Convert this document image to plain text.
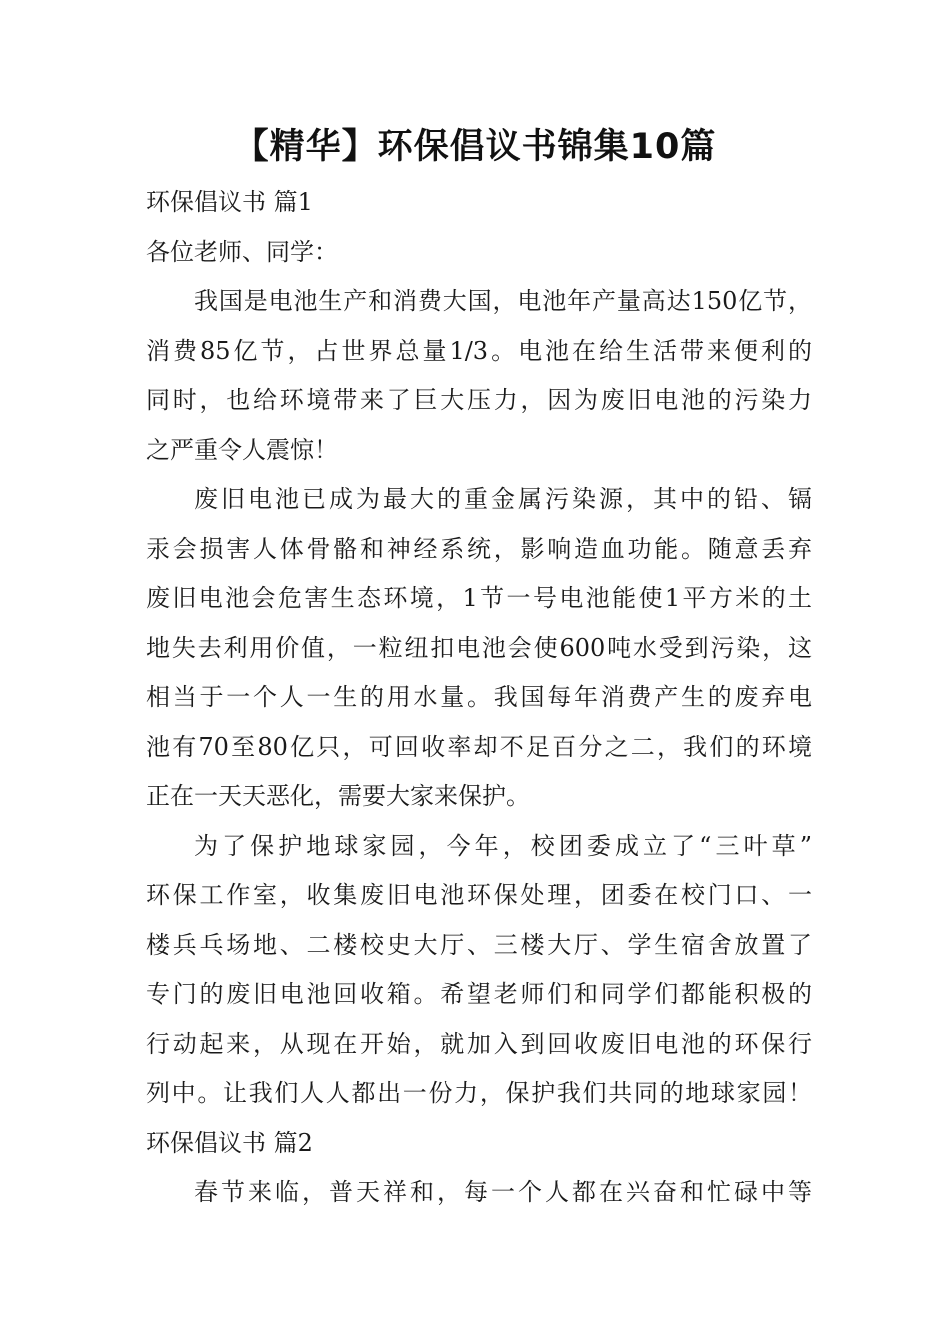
【精华】环保倡议书锦集10篇
环保倡议书 篇1
各位老师、同学：
我国是电池生产和消费大国，电池年产量高达150亿节，
消费85亿节，占世界总量1/3。电池在给生活带来便利的
同时，也给环境带来了巨大压力，因为废旧电池的污染力
之严重令人震惊！
废旧电池已成为最大的重金属污染源，其中的铅、镉
汞会损害人体骨骼和神经系统，影响造血功能。随意丢弃
废旧电池会危害生态环境，1节一号电池能使1平方米的土
地失去利用价值，一粒纽扣电池会使600吨水受到污染，这
相当于一个人一生的用水量。我国每年消费产生的废弃电
池有70至80亿只，可回收率却不足百分之二，我们的环境
正在一天天恶化，需要大家来保护。
为了保护地球家园，今年，校团委成立了“三叶草”
环保工作室，收集废旧电池环保处理，团委在校门口、一
楼兵乓场地、二楼校史大厅、三楼大厅、学生宿舍放置了
专门的废旧电池回收箱。希望老师们和同学们都能积极的
行动起来，从现在开始，就加入到回收废旧电池的环保行
列中。让我们人人都出一份力，保护我们共同的地球家园！
环保倡议书 篇2
春节来临，普天祥和，每一个人都在兴奋和忙碌中等
